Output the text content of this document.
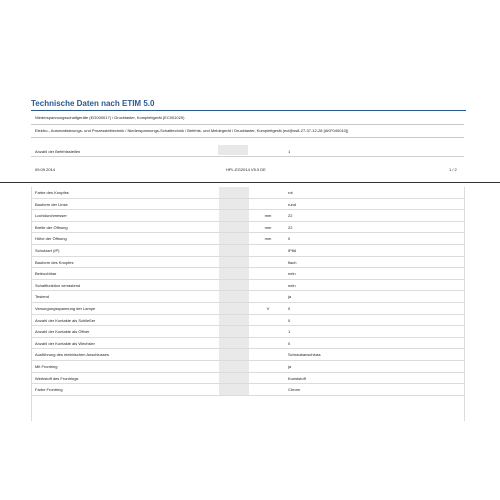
Technische Daten nach ETIM 5.0
Niederspannungsschaltgeräte (EG000017) / Drucktaster, Komplettgerät (EC001020)
Elektro-, Automatisierungs- und Prozessleittechnik / Niederspannungs-Schalttechnik / Befehls- und Meldegerät / Drucktaster, Komplettgerät (ecl@ss8-27-37-12-28 [AKF040010])
Anzahl der Befehlsstellen	1
09.09.2014	HPL-EG2014 V5.0 DE	1 / 2
Farbe des Knopfes	rot
Bauform der Linse	rund
Lochdurchmesser	mm	22
Breite der Öffnung	mm	22
Höhe der Öffnung	mm	0
Schutzart (IP)	IP66
Bauform des Knopfes	flach
Beleuchtbar	nein
Schaltfunktion verrastend	nein
Testend	ja
Versorgungsspannung der Lampe	V	0
Anzahl der Kontakte als Schließer	0
Anzahl der Kontakte als Öffner	1
Anzahl der Kontakte als Wechsler	0
Ausführung des elektrischen Anschlusses	Schraubanschluss
Mit Frontring	ja
Werkstoff des Frontrings	Kunststoff
Farbe Frontring	Chrom
